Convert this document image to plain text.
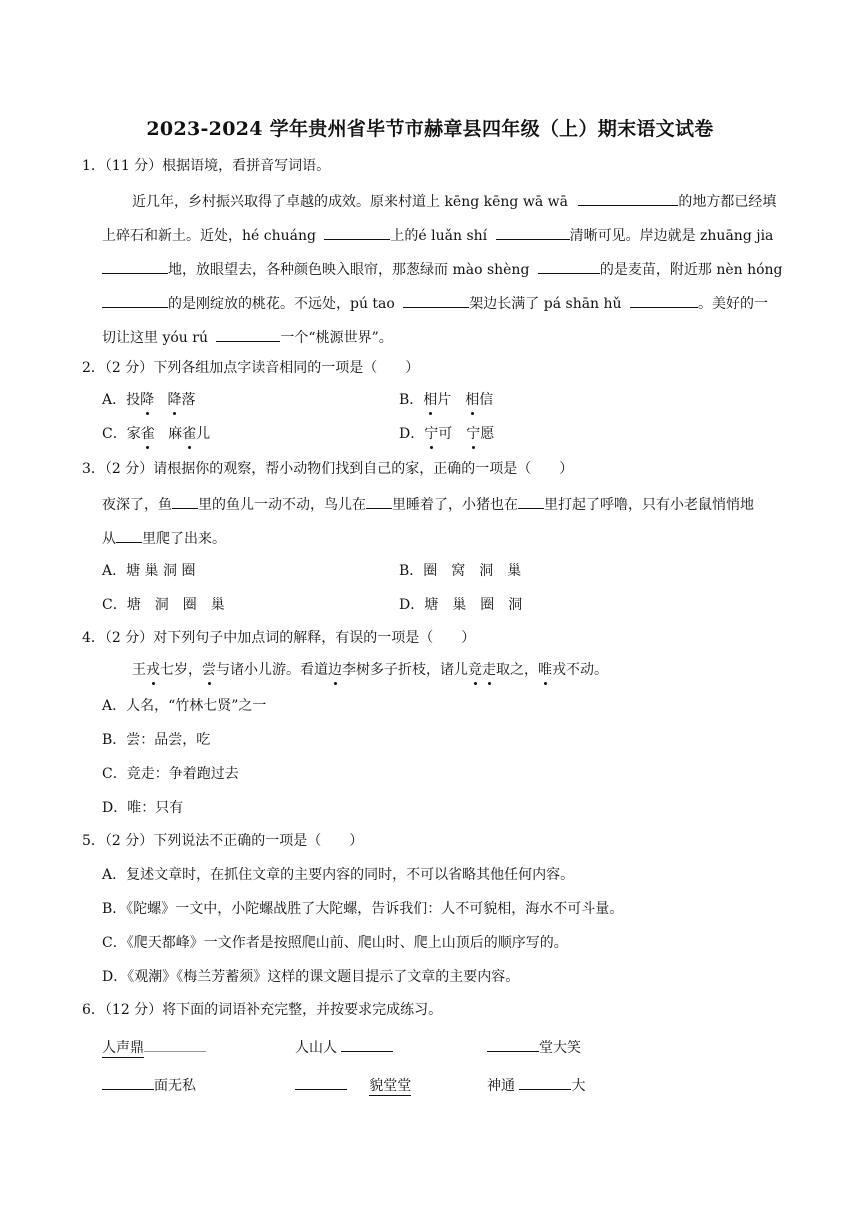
2023-2024 学年贵州省毕节市赫章县四年级（上）期末语文试卷
1．（11 分）根据语境，看拼音写词语。
近几年，乡村振兴取得了卓越的成效。原来村道上 kēng kēng wā wā	的地方都已经填
上碎石和新土。近处，hé chuáng	上的é luǎn shí	清晰可见。岸边就是 zhuāng jia
地，放眼望去，各种颜色映入眼帘，那葱绿而 mào shèng	的是麦苗，附近那 nèn hóng
的是刚绽放的桃花。不远处，pú tao	架边长满了 pá shān hǔ	。美好的一
切让这里 yóu rú	一个“桃源世界”。
2．（2 分）下列各组加点字读音相同的一项是（　　）
A．投降 降落	B．相片　相信
C．家雀 麻雀儿	D．宁可　宁愿
3．（2 分）请根据你的观察，帮小动物们找到自己的家，正确的一项是（　　）
夜深了，鱼 里的鱼儿一动不动，鸟儿在 里睡着了，小猪也在 里打起了呼噜，只有小老鼠悄悄地
从 里爬了出来。
A．塘 巢 洞 圈	B．圈　窝　洞　巢
C．塘　洞　圈　巢	D．塘　巢　圈　洞
4．（2 分）对下列句子中加点词的解释，有误的一项是（　　）
王戎七岁，尝与诸小儿游。看道边李树多子折枝，诸儿竞走取之，唯戎不动。
A．人名，“竹林七贤”之一
B．尝：品尝，吃
C．竞走：争着跑过去
D．唯：只有
5．（2 分）下列说法不正确的一项是（　　）
A．复述文章时，在抓住文章的主要内容的同时，不可以省略其他任何内容。
B．《陀螺》一文中，小陀螺战胜了大陀螺，告诉我们：人不可貌相，海水不可斗量。
C．《爬天都峰》一文作者是按照爬山前、爬山时、爬上山顶后的顺序写的。
D．《观潮》《梅兰芳蓄须》这样的课文题目提示了文章的主要内容。
6．（12 分）将下面的词语补充完整，并按要求完成练习。
人声鼎	人山人	堂大笑
面无私	貌堂堂	神通	大
